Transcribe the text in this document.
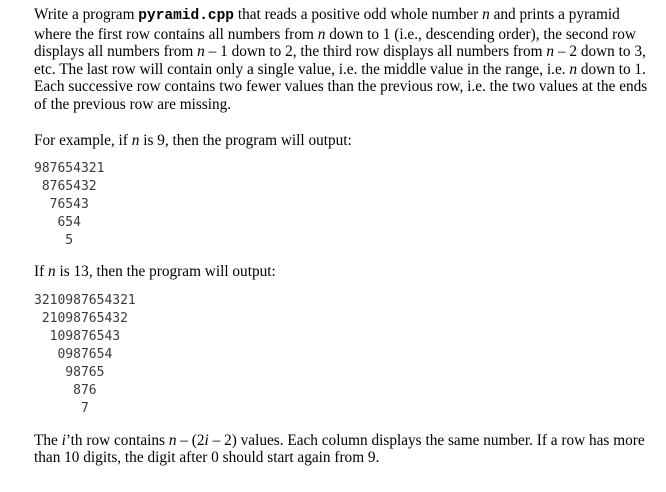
Write a program pyramid.cpp that reads a positive odd whole number n and prints a pyramid where the first row contains all numbers from n down to 1 (i.e., descending order), the second row displays all numbers from n – 1 down to 2, the third row displays all numbers from n – 2 down to 3, etc. The last row will contain only a single value, i.e. the middle value in the range, i.e. n down to 1. Each successive row contains two fewer values than the previous row, i.e. the two values at the ends of the previous row are missing.

For example, if n is 9, then the program will output:

987654321
8765432
76543
654
5

If n is 13, then the program will output:

3210987654321
21098765432
109876543
0987654
98765
876
7

The i’th row contains n – (2i – 2) values. Each column displays the same number. If a row has more than 10 digits, the digit after 0 should start again from 9.
